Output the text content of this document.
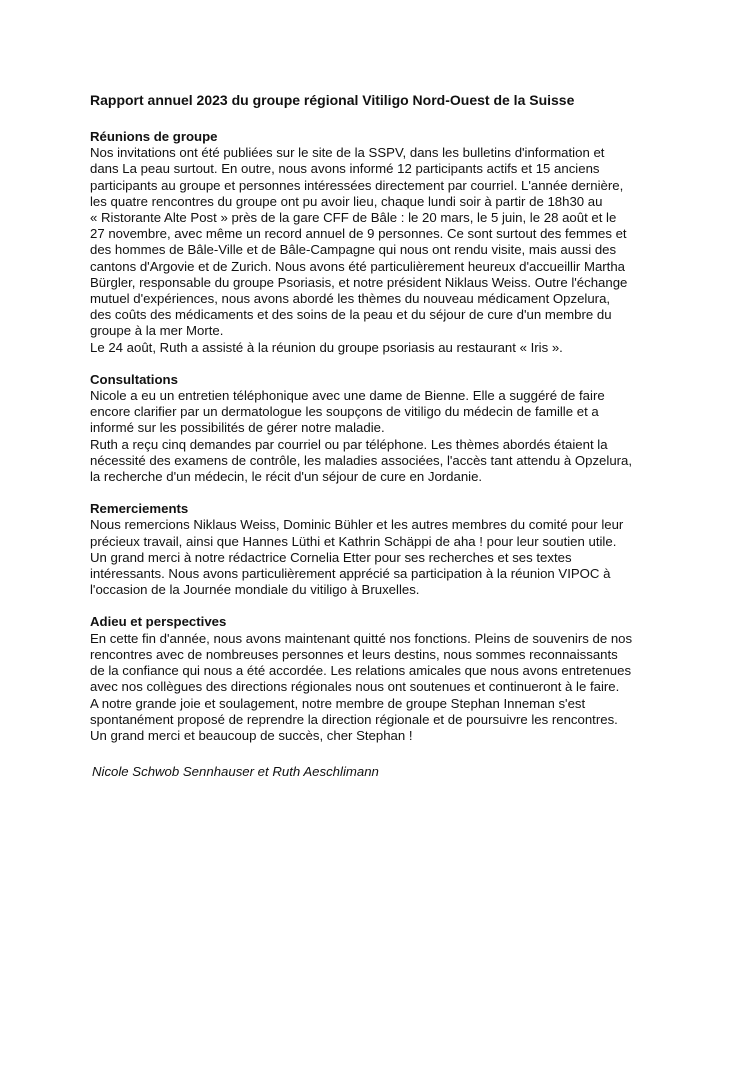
Rapport annuel 2023 du groupe régional Vitiligo Nord-Ouest de la Suisse
Réunions de groupe

Nos invitations ont été publiées sur le site de la SSPV, dans les bulletins d'information et
dans La peau surtout. En outre, nous avons informé 12 participants actifs et 15 anciens
participants au groupe et personnes intéressées directement par courriel. L'année dernière,
les quatre rencontres du groupe ont pu avoir lieu, chaque lundi soir à partir de 18h30 au
« Ristorante Alte Post » près de la gare CFF de Bâle : le 20 mars, le 5 juin, le 28 août et le
27 novembre, avec même un record annuel de 9 personnes. Ce sont surtout des femmes et
des hommes de Bâle-Ville et de Bâle-Campagne qui nous ont rendu visite, mais aussi des
cantons d'Argovie et de Zurich. Nous avons été particulièrement heureux d'accueillir Martha
Bürgler, responsable du groupe Psoriasis, et notre président Niklaus Weiss. Outre l'échange
mutuel d'expériences, nous avons abordé les thèmes du nouveau médicament Opzelura,
des coûts des médicaments et des soins de la peau et du séjour de cure d'un membre du
groupe à la mer Morte.

Le 24 août, Ruth a assisté à la réunion du groupe psoriasis au restaurant « Iris ».

Consultations

Nicole a eu un entretien téléphonique avec une dame de Bienne. Elle a suggéré de faire
encore clarifier par un dermatologue les soupçons de vitiligo du médecin de famille et a
informé sur les possibilités de gérer notre maladie.

Ruth a reçu cinq demandes par courriel ou par téléphone. Les thèmes abordés étaient la
nécessité des examens de contrôle, les maladies associées, l'accès tant attendu à Opzelura,
la recherche d'un médecin, le récit d'un séjour de cure en Jordanie.

Remerciements

Nous remercions Niklaus Weiss, Dominic Bühler et les autres membres du comité pour leur
précieux travail, ainsi que Hannes Lüthi et Kathrin Schäppi de aha ! pour leur soutien utile.
Un grand merci à notre rédactrice Cornelia Etter pour ses recherches et ses textes
intéressants. Nous avons particulièrement apprécié sa participation à la réunion VIPOC à
l'occasion de la Journée mondiale du vitiligo à Bruxelles.

Adieu et perspectives

En cette fin d'année, nous avons maintenant quitté nos fonctions. Pleins de souvenirs de nos
rencontres avec de nombreuses personnes et leurs destins, nous sommes reconnaissants
de la confiance qui nous a été accordée. Les relations amicales que nous avons entretenues
avec nos collègues des directions régionales nous ont soutenues et continueront à le faire.

A notre grande joie et soulagement, notre membre de groupe Stephan Inneman s'est
spontanément proposé de reprendre la direction régionale et de poursuivre les rencontres.
Un grand merci et beaucoup de succès, cher Stephan !

Nicole Schwob Sennhauser et Ruth Aeschlimann
